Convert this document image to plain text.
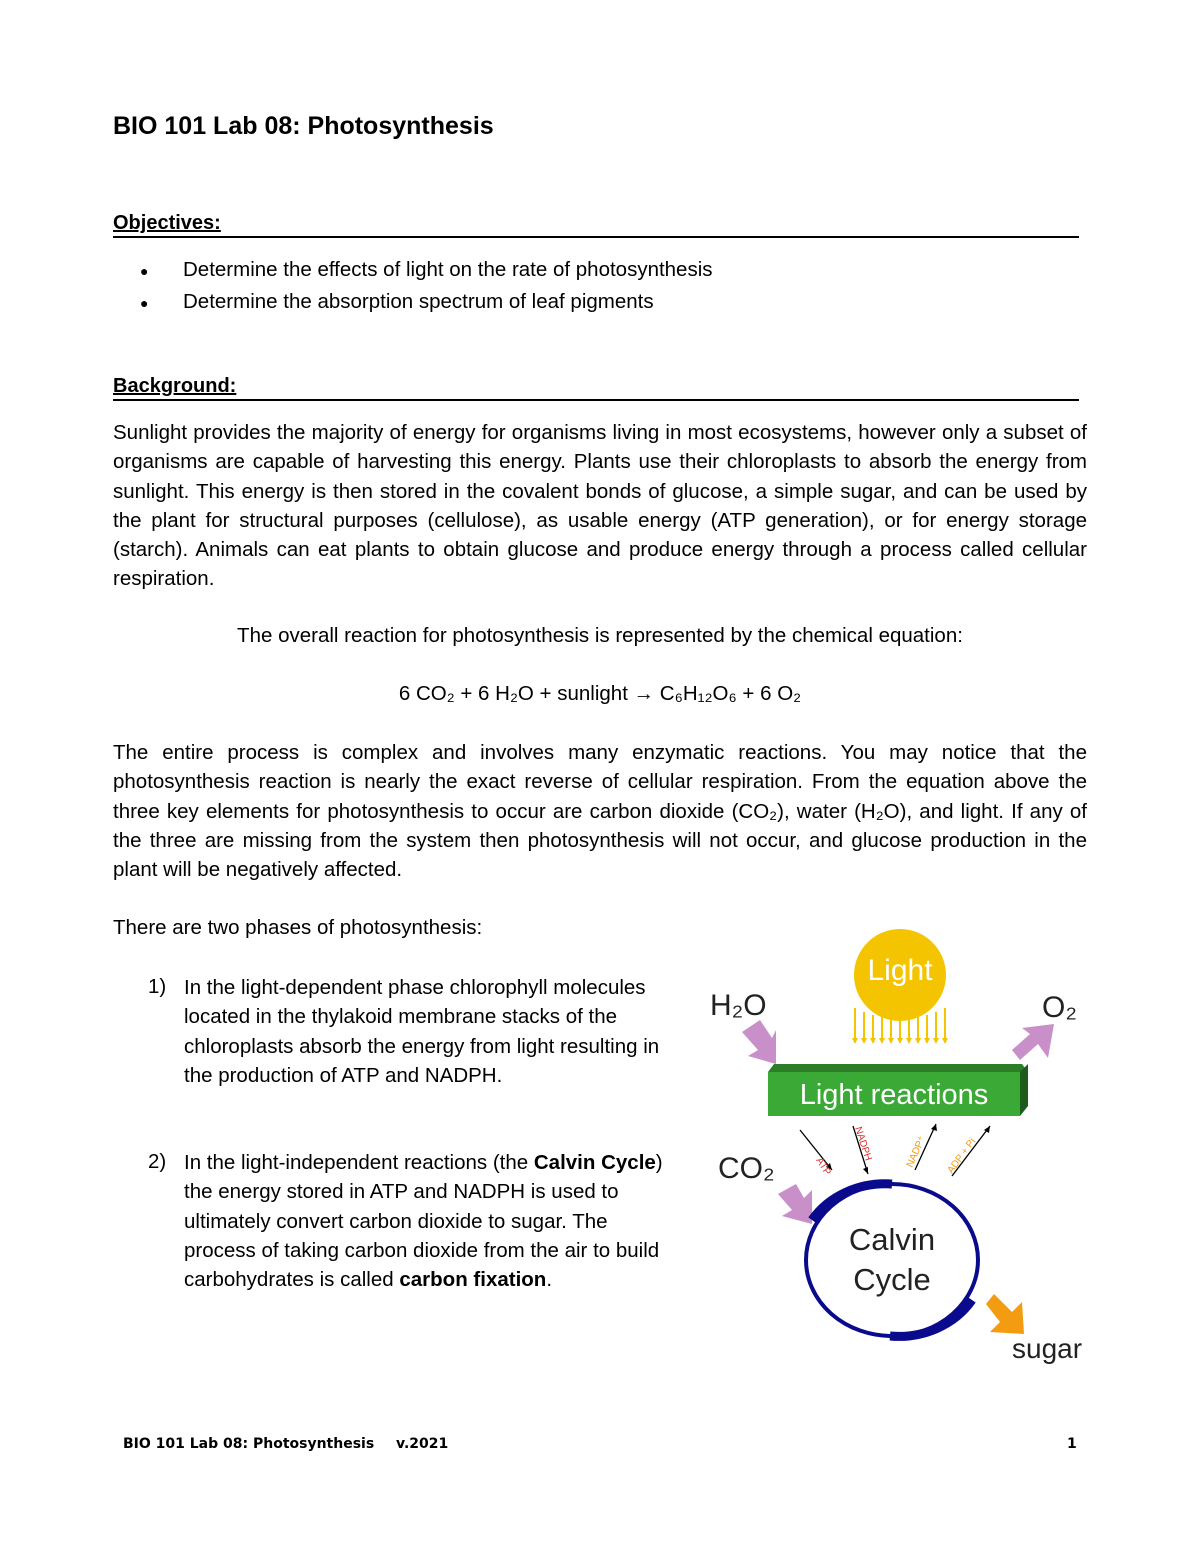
BIO 101 Lab 08: Photosynthesis
Objectives:
●	Determine the effects of light on the rate of photosynthesis
●	Determine the absorption spectrum of leaf pigments
Background:
Sunlight provides the majority of energy for organisms living in most ecosystems, however only a subset of organisms are capable of harvesting this energy. Plants use their chloroplasts to absorb the energy from sunlight. This energy is then stored in the covalent bonds of glucose, a simple sugar, and can be used by the plant for structural purposes (cellulose), as usable energy (ATP generation), or for energy storage (starch). Animals can eat plants to obtain glucose and produce energy through a process called cellular respiration.
The overall reaction for photosynthesis is represented by the chemical equation:
6 CO₂ + 6 H₂O + sunlight → C₆H₁₂O₆ + 6 O₂
The entire process is complex and involves many enzymatic reactions. You may notice that the photosynthesis reaction is nearly the exact reverse of cellular respiration. From the equation above the three key elements for photosynthesis to occur are carbon dioxide (CO₂), water (H₂O), and light. If any of the three are missing from the system then photosynthesis will not occur, and glucose production in the plant will be negatively affected.
There are two phases of photosynthesis:
1) In the light-dependent phase chlorophyll molecules located in the thylakoid membrane stacks of the chloroplasts absorb the energy from light resulting in the production of ATP and NADPH.
2) In the light-independent reactions (the Calvin Cycle) the energy stored in ATP and NADPH is used to ultimately convert carbon dioxide to sugar. The process of taking carbon dioxide from the air to build carbohydrates is called carbon fixation.
Light
H₂O	O₂
Light reactions
ATP
NADPH	NADP⁺ ADP + Pi
CO₂
Calvin
Cycle
sugar
BIO 101 Lab 08: Photosynthesis v.2021	1
